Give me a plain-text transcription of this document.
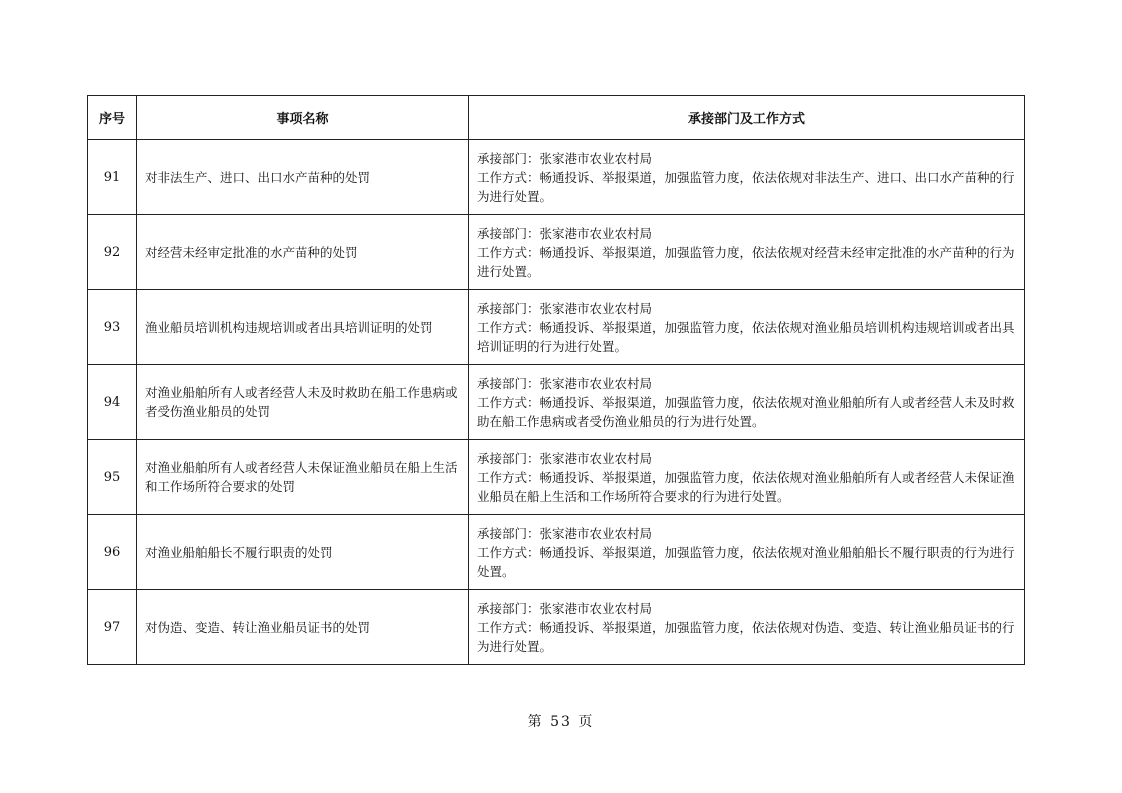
序号	事项名称	承接部门及工作方式
91	对非法生产、进口、出口水产苗种的处罚	承接部门：张家港市农业农村局
工作方式：畅通投诉、举报渠道，加强监管力度，依法依规对非法生产、进口、出口水产苗种的行为进行处置。

92	对经营未经审定批准的水产苗种的处罚	承接部门：张家港市农业农村局
工作方式：畅通投诉、举报渠道，加强监管力度，依法依规对经营未经审定批准的水产苗种的行为进行处置。

93	渔业船员培训机构违规培训或者出具培训证明的处罚	承接部门：张家港市农业农村局
工作方式：畅通投诉、举报渠道，加强监管力度，依法依规对渔业船员培训机构违规培训或者出具培训证明的行为进行处置。

94	对渔业船舶所有人或者经营人未及时救助在船工作患病或者受伤渔业船员的处罚	承接部门：张家港市农业农村局
工作方式：畅通投诉、举报渠道，加强监管力度，依法依规对渔业船舶所有人或者经营人未及时救助在船工作患病或者受伤渔业船员的行为进行处置。

95	对渔业船舶所有人或者经营人未保证渔业船员在船上生活和工作场所符合要求的处罚	承接部门：张家港市农业农村局
工作方式：畅通投诉、举报渠道，加强监管力度，依法依规对渔业船舶所有人或者经营人未保证渔业船员在船上生活和工作场所符合要求的行为进行处置。

96	对渔业船舶船长不履行职责的处罚	承接部门：张家港市农业农村局
工作方式：畅通投诉、举报渠道，加强监管力度，依法依规对渔业船舶船长不履行职责的行为进行处置。

97	对伪造、变造、转让渔业船员证书的处罚	承接部门：张家港市农业农村局
工作方式：畅通投诉、举报渠道，加强监管力度，依法依规对伪造、变造、转让渔业船员证书的行为进行处置。
第 53 页
